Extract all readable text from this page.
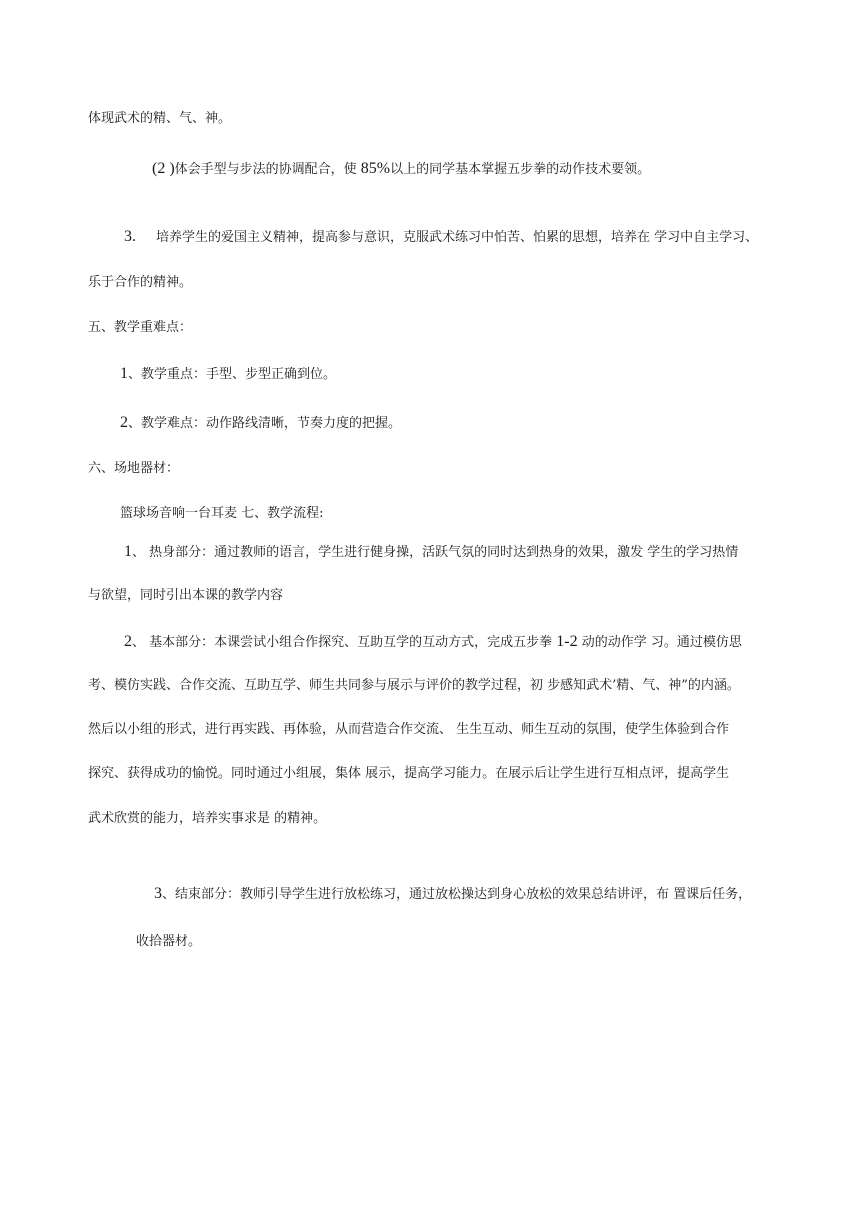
体现武术的精、气、神。
(2 )体会手型与步法的协调配合，使 85%以上的同学基本掌握五步拳的动作技术要领。
3. 培养学生的爱国主义精神，提高参与意识，克服武术练习中怕苦、怕累的思想，培养在 学习中自主学习、
乐于合作的精神。
五、教学重难点：
1、教学重点：手型、步型正确到位。
2、教学难点：动作路线清晰，节奏力度的把握。
六、场地器材：
篮球场音响一台耳麦 七、教学流程:
1、 热身部分：通过教师的语言，学生进行健身操，活跃气氛的同时达到热身的效果，激发 学生的学习热情
与欲望，同时引出本课的教学内容
2、 基本部分：本课尝试小组合作探究、互助互学的互动方式，完成五步拳 1-2 动的动作学 习。通过模仿思
考、模仿实践、合作交流、互助互学、师生共同参与展示与评价的教学过程，初 步感知武术’精、气、神”的内涵。
然后以小组的形式，进行再实践、再体验，从而营造合作交流、 生生互动、师生互动的氛围，使学生体验到合作
探究、获得成功的愉悦。同时通过小组展，集体 展示，提高学习能力。在展示后让学生进行互相点评，提高学生
武术欣赏的能力，培养实事求是 的精神。
3、结束部分：教师引导学生进行放松练习，通过放松操达到身心放松的效果总结讲评，布 置课后任务，
收拾器材。
